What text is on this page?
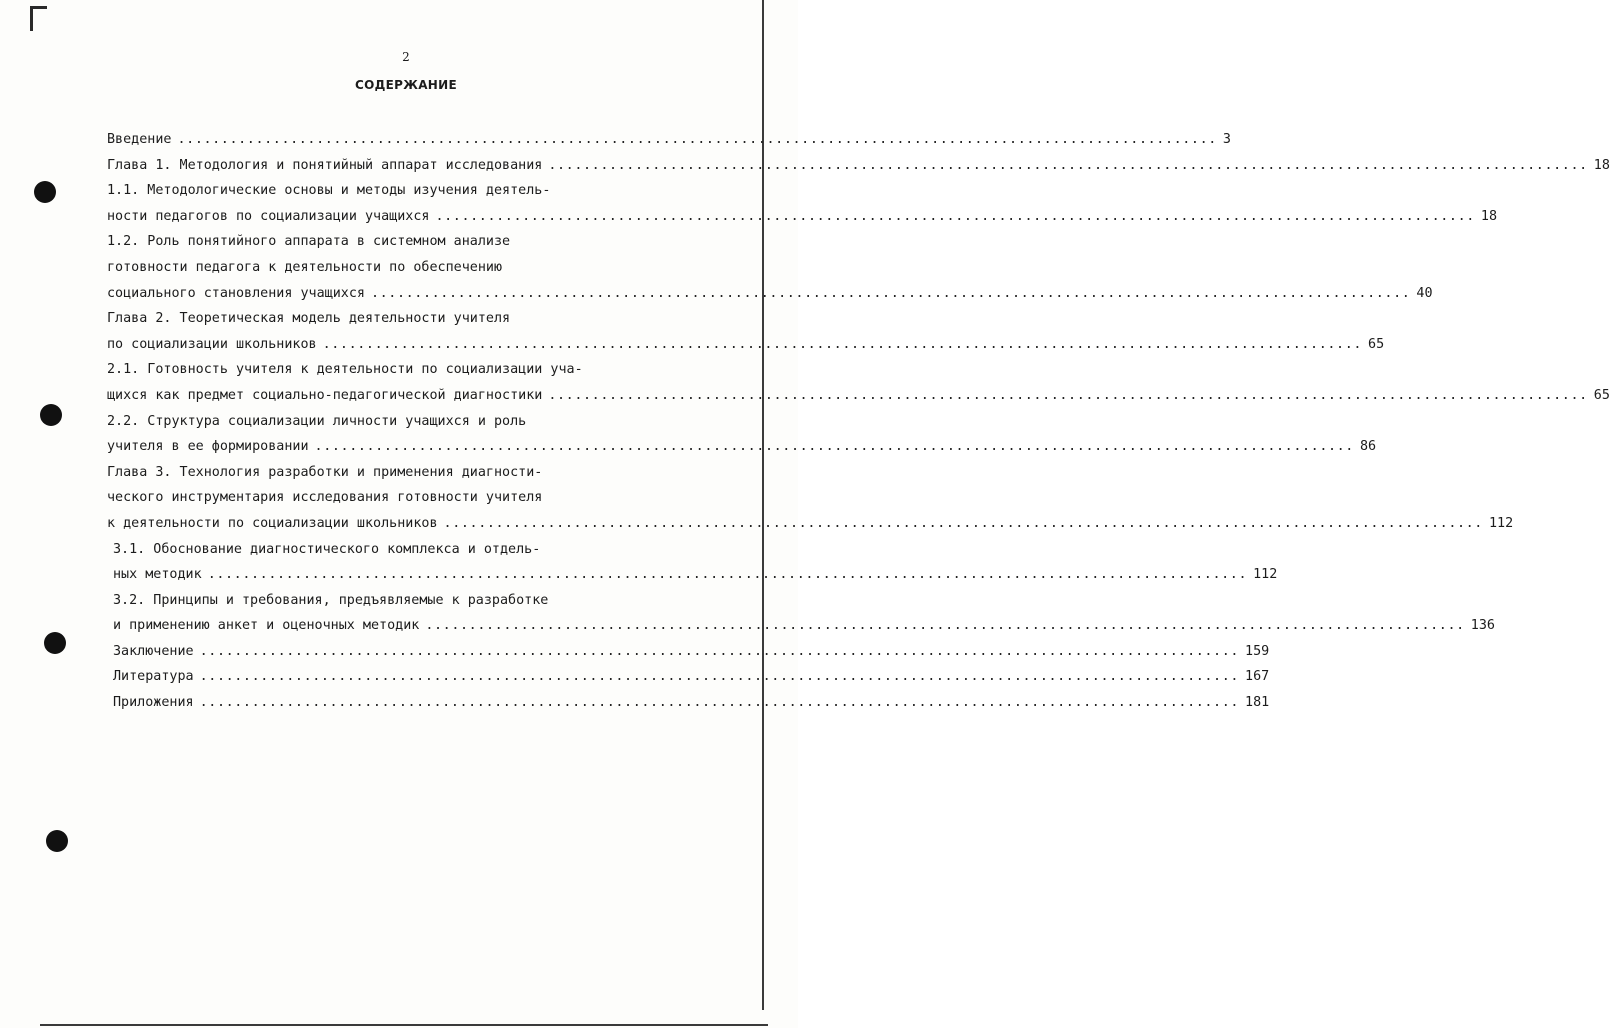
2
СОДЕРЖАНИЕ
Введение ........................................................................................................................ 3
Глава 1. Методология и понятийный аппарат исследования ........................................................................................................................ 18
1.1. Методологические основы и методы изучения деятель-
ности педагогов по социализации учащихся ........................................................................................................................ 18
1.2. Роль понятийного аппарата в системном анализе
готовности педагога к деятельности по обеспечению
социального становления учащихся ........................................................................................................................ 40
Глава 2. Теоретическая модель деятельности учителя
по социализации школьников ........................................................................................................................ 65
2.1. Готовность учителя к деятельности по социализации уча-
щихся как предмет социально-педагогической диагностики ........................................................................................................................ 65
2.2. Структура социализации личности учащихся и роль
учителя в ее формировании ........................................................................................................................ 86
Глава 3. Технология разработки и применения диагности-
ческого инструментария исследования готовности учителя
к деятельности по социализации школьников ........................................................................................................................ 112
3.1. Обоснование диагностического комплекса и отдель-
ных методик ........................................................................................................................ 112
3.2. Принципы и требования, предъявляемые к разработке
и применению анкет и оценочных методик ........................................................................................................................ 136
Заключение ........................................................................................................................ 159
Литература ........................................................................................................................ 167
Приложения ........................................................................................................................ 181
